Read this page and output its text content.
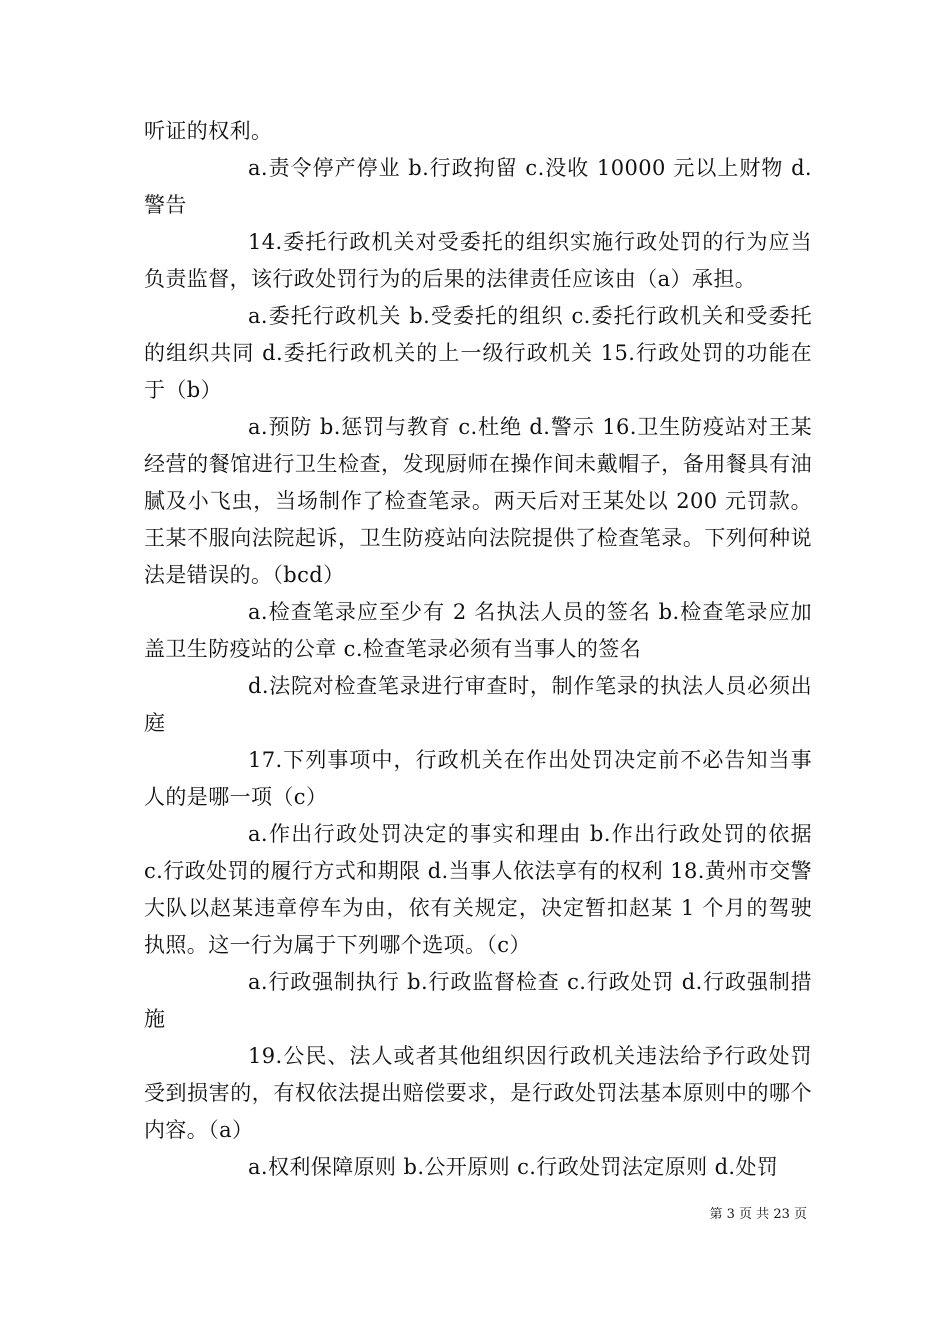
听证的权利。

a.责令停产停业 b.行政拘留 c.没收 10000 元以上财物 d.警告

14.委托行政机关对受委托的组织实施行政处罚的行为应当负责监督，该行政处罚行为的后果的法律责任应该由（a）承担。

a.委托行政机关 b.受委托的组织 c.委托行政机关和受委托的组织共同 d.委托行政机关的上一级行政机关 15.行政处罚的功能在于（b）

a.预防 b.惩罚与教育 c.杜绝 d.警示 16.卫生防疫站对王某经营的餐馆进行卫生检查，发现厨师在操作间未戴帽子，备用餐具有油腻及小飞虫，当场制作了检查笔录。两天后对王某处以 200 元罚款。王某不服向法院起诉，卫生防疫站向法院提供了检查笔录。下列何种说法是错误的。（bcd）

a.检查笔录应至少有 2 名执法人员的签名 b.检查笔录应加盖卫生防疫站的公章 c.检查笔录必须有当事人的签名

d.法院对检查笔录进行审查时，制作笔录的执法人员必须出庭

17.下列事项中，行政机关在作出处罚决定前不必告知当事人的是哪一项（c）

a.作出行政处罚决定的事实和理由 b.作出行政处罚的依据 c.行政处罚的履行方式和期限 d.当事人依法享有的权利 18.黄州市交警大队以赵某违章停车为由，依有关规定，决定暂扣赵某 1 个月的驾驶执照。这一行为属于下列哪个选项。（c）

a.行政强制执行 b.行政监督检查 c.行政处罚 d.行政强制措施

19.公民、法人或者其他组织因行政机关违法给予行政处罚受到损害的，有权依法提出赔偿要求，是行政处罚法基本原则中的哪个内容。（a）

a.权利保障原则 b.公开原则 c.行政处罚法定原则 d.处罚

第 3 页 共 23 页
